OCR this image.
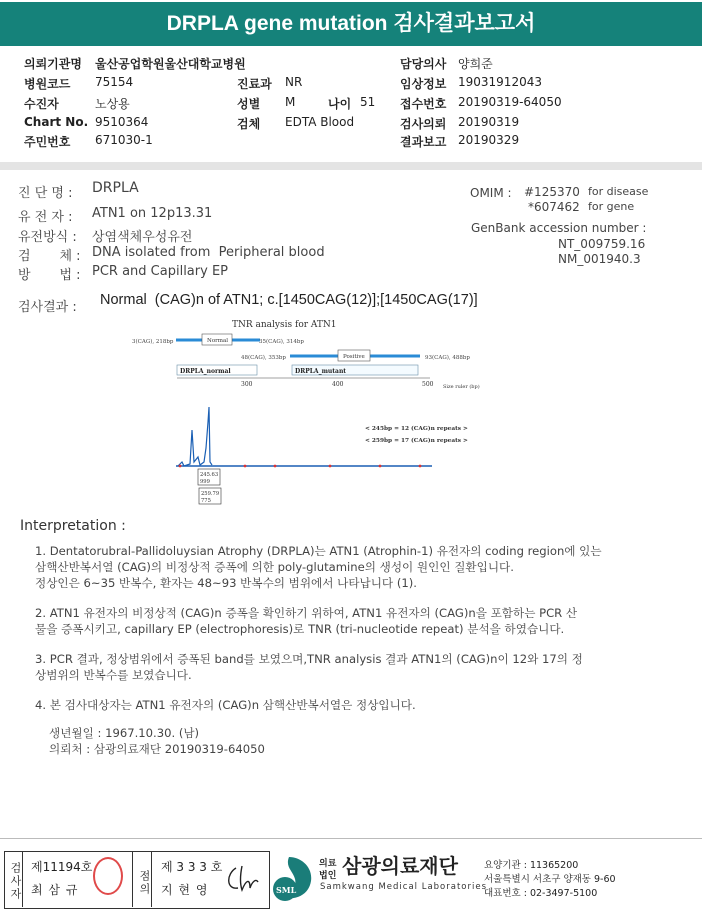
DRPLA gene mutation 검사결과보고서
의뢰기관명 울산공업학원울산대학교병원
병원코드 75154	진료과 NR
수진자	노상용	성별 M	나이 51
Chart No. 9510364	검체 EDTA Blood
주민번호 671030-1
담당의사 양희준
임상정보 19031912043
접수번호 20190319-64050
검사의뢰 20190319
결과보고 20190329
진 단 명 : DRPLA
유 전 자 : ATN1 on 12p13.31
유전방식 : 상염색체우성유전
검       체 : DNA isolated from  Peripheral blood
방       법 : PCR and Capillary EP
OMIM : #125370 for disease
*607462 for gene
GenBank accession number :
NT_009759.16
NM_001940.3
검사결과 : Normal  (CAG)n of ATN1; c.[1450CAG(12)];[1450CAG(17)]
TNR analysis for ATN1
3(CAG), 218bp	Normal	35(CAG), 314bp
48(CAG), 353bp	Positive	93(CAG), 488bp
DRPLA_normal	DRPLA_mutant
300	400	500 Size ruler (bp)
< 245bp = 12 (CAG)n repeats >
< 259bp = 17 (CAG)n repeats >
245.63
999
259.79
775
Interpretation :

1. Dentatorubral-Pallidoluysian Atrophy (DRPLA)는 ATN1 (Atrophin-1) 유전자의 coding region에 있는

삼핵산반복서열 (CAG)의 비정상적 증폭에 의한 poly-glutamine의 생성이 원인인 질환입니다.

정상인은 6~35 반복수, 환자는 48~93 반복수의 범위에서 나타납니다 (1).

2. ATN1 유전자의 비정상적 (CAG)n 증폭을 확인하기 위하여, ATN1 유전자의 (CAG)n을 포함하는 PCR 산

물을 증폭시키고, capillary EP (electrophoresis)로 TNR (tri-nucleotide repeat) 분석을 하였습니다.

3. PCR 결과, 정상범위에서 증폭된 band를 보였으며,TNR analysis 결과 ATN1의 (CAG)n이 12와 17의 정

상범위의 반복수를 보였습니다.

4. 본 검사대상자는 ATN1 유전자의 (CAG)n 삼핵산반복서열은 정상입니다.

생년월일 : 1967.10.30. (남)

의뢰처 : 삼광의료재단 20190319-64050

검사자 제11194호
최 삼 규	점의
제 3 3 3 호
지 현 영	SML
의료
법인 삼광의료재단
Samkwang Medical Laboratories
요양기관 : 11365200
서울특별시 서초구 양재동 9-60
대표번호 : 02-3497-5100
